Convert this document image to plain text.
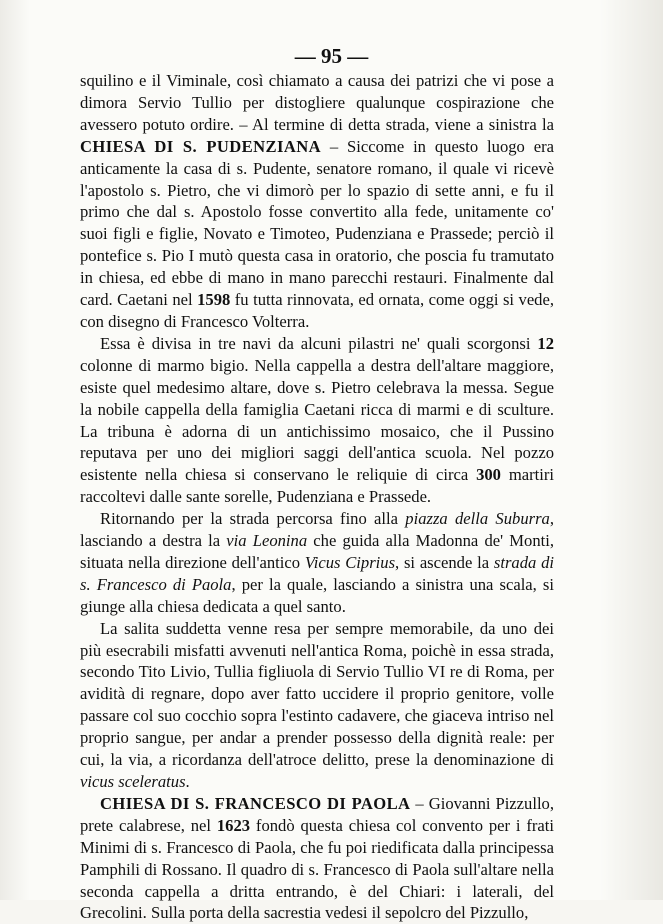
— 95 —

squilino e il Viminale, così chiamato a causa dei patrizi che vi pose a dimora Servio Tullio per distogliere qualunque cospirazione che avessero potuto ordire. – Al termine di detta strada, viene a sinistra la CHIESA DI S. PUDENZIANA – Siccome in questo luogo era anticamente la casa di s. Pudente, senatore romano, il quale vi ricevè l'apostolo s. Pietro, che vi dimorò per lo spazio di sette anni, e fu il primo che dal s. Apostolo fosse convertito alla fede, unitamente co' suoi figli e figlie, Novato e Timoteo, Pudenziana e Prassede; perciò il pontefice s. Pio I mutò questa casa in oratorio, che poscia fu tramutato in chiesa, ed ebbe di mano in mano parecchi restauri. Finalmente dal card. Caetani nel 1598 fu tutta rinnovata, ed ornata, come oggi si vede, con disegno di Francesco Volterra.

Essa è divisa in tre navi da alcuni pilastri ne' quali scorgonsi 12 colonne di marmo bigio. Nella cappella a destra dell'altare maggiore, esiste quel medesimo altare, dove s. Pietro celebrava la messa. Segue la nobile cappella della famiglia Caetani ricca di marmi e di sculture. La tribuna è adorna di un antichissimo mosaico, che il Pussino reputava per uno dei migliori saggi dell'antica scuola. Nel pozzo esistente nella chiesa si conservano le reliquie di circa 300 martiri raccoltevi dalle sante sorelle, Pudenziana e Prassede.

Ritornando per la strada percorsa fino alla piazza della Suburra, lasciando a destra la via Leonina che guida alla Madonna de' Monti, situata nella direzione dell'antico Vicus Ciprius, si ascende la strada di s. Francesco di Paola, per la quale, lasciando a sinistra una scala, si giunge alla chiesa dedicata a quel santo.

La salita suddetta venne resa per sempre memorabile, da uno dei più esecrabili misfatti avvenuti nell'antica Roma, poichè in essa strada, secondo Tito Livio, Tullia figliuola di Servio Tullio VI re di Roma, per avidità di regnare, dopo aver fatto uccidere il proprio genitore, volle passare col suo cocchio sopra l'estinto cadavere, che giaceva intriso nel proprio sangue, per andar a prender possesso della dignità reale: per cui, la via, a ricordanza dell'atroce delitto, prese la denominazione di vicus sceleratus.

CHIESA DI S. FRANCESCO DI PAOLA – Giovanni Pizzullo, prete calabrese, nel 1623 fondò questa chiesa col convento per i frati Minimi di s. Francesco di Paola, che fu poi riedificata dalla principessa Pamphili di Rossano. Il quadro di s. Francesco di Paola sull'altare nella seconda cappella a dritta entrando, è del Chiari: i laterali, del Grecolini. Sulla porta della sacrestia vedesi il sepolcro del Pizzullo,
